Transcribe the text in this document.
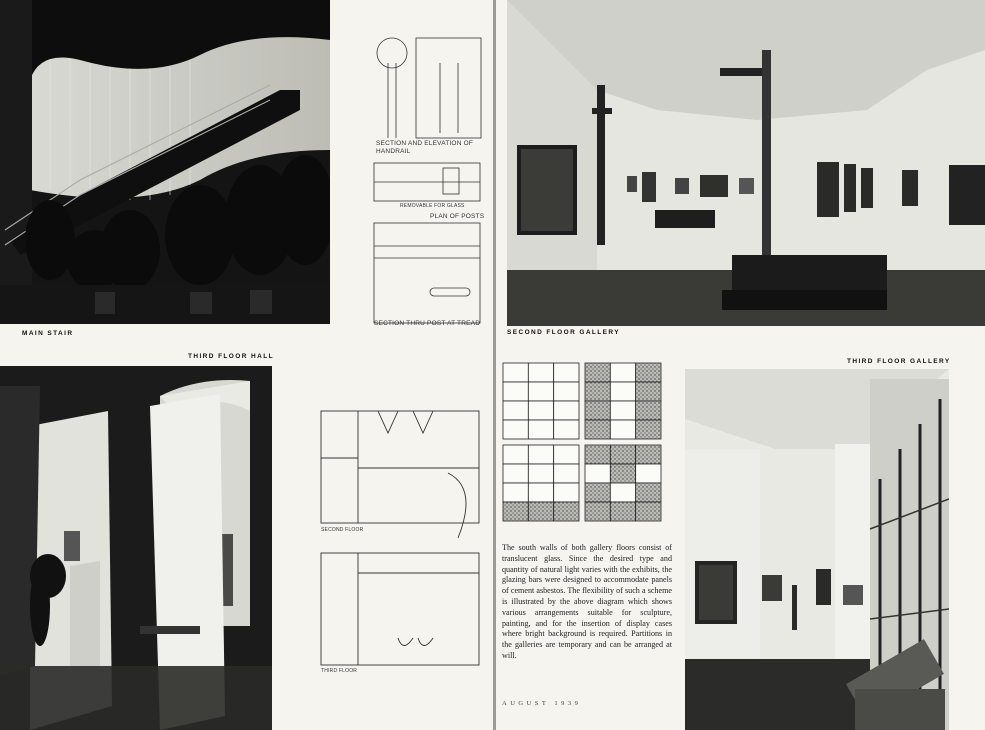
MAIN STAIR
SECTION AND ELEVATION OF
HANDRAIL
REMOVABLE FOR GLASS
PLAN OF POSTS
SECTION THRU POST AT TREAD
THIRD FLOOR HALL
SECOND FLOOR
THIRD FLOOR
SECOND FLOOR GALLERY
THIRD FLOOR GALLERY
The south walls of both gallery floors consist of translucent glass. Since the desired type and quantity of natural light varies with the exhibits, the glazing bars were designed to accommodate panels of cement asbestos. The flexibility of such a scheme is illustrated by the above diagram which shows various arrangements suitable for sculpture, painting, and for the insertion of display cases where bright background is required. Partitions in the galleries are temporary and can be arranged at will.
AUGUST 1939
